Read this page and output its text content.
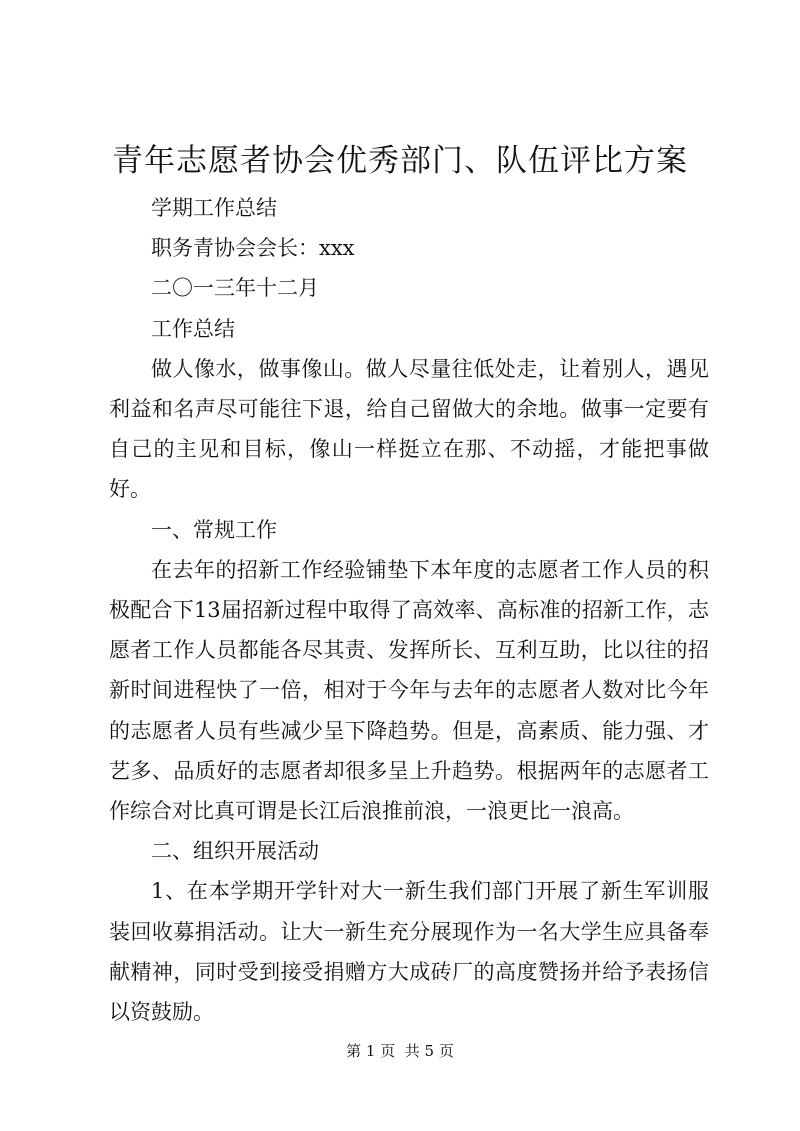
青年志愿者协会优秀部门、队伍评比方案

学期工作总结

职务青协会会长：xxx

二〇一三年十二月

工作总结

做人像水，做事像山。做人尽量往低处走，让着别人，遇见利益和名声尽可能往下退，给自己留做大的余地。做事一定要有自己的主见和目标，像山一样挺立在那、不动摇，才能把事做好。

一、常规工作

在去年的招新工作经验铺垫下本年度的志愿者工作人员的积极配合下13届招新过程中取得了高效率、高标准的招新工作，志愿者工作人员都能各尽其责、发挥所长、互利互助，比以往的招新时间进程快了一倍，相对于今年与去年的志愿者人数对比今年的志愿者人员有些减少呈下降趋势。但是，高素质、能力强、才艺多、品质好的志愿者却很多呈上升趋势。根据两年的志愿者工作综合对比真可谓是长江后浪推前浪，一浪更比一浪高。

二、组织开展活动

1、在本学期开学针对大一新生我们部门开展了新生军训服装回收募捐活动。让大一新生充分展现作为一名大学生应具备奉献精神，同时受到接受捐赠方大成砖厂的高度赞扬并给予表扬信以资鼓励。

第 1 页  共 5 页
